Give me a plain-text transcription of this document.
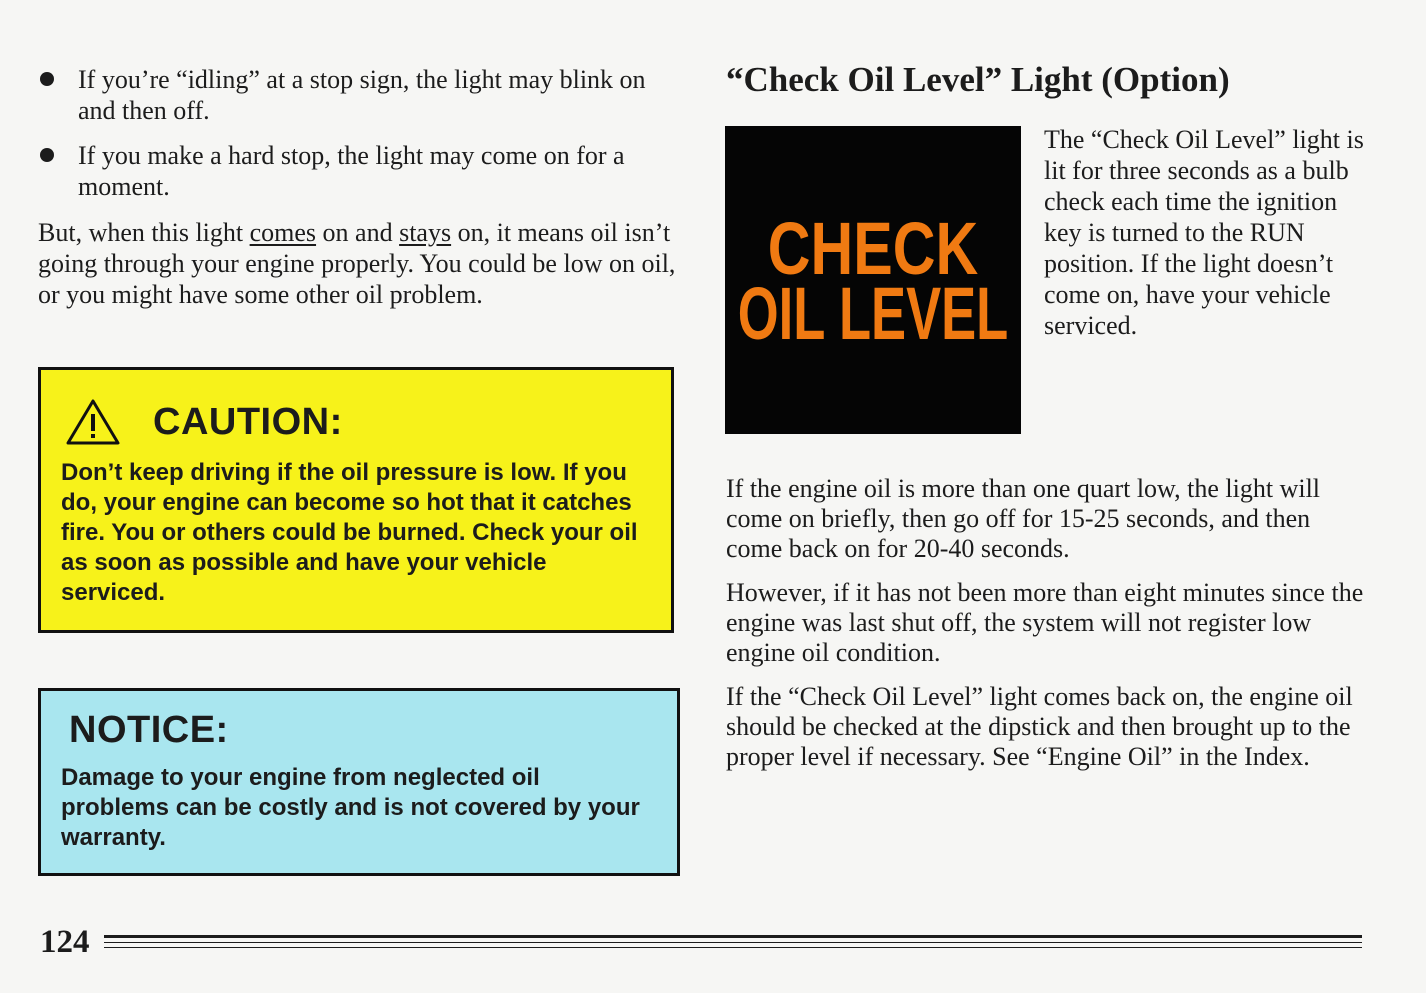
If you’re “idling” at a stop sign, the light may blink on and then off.
If you make a hard stop, the light may come on for a moment.

But, when this light comes on and stays on, it means oil isn’t going through your engine properly. You could be low on oil, or you might have some other oil problem.

CAUTION:

Don’t keep driving if the oil pressure is low. If you do, your engine can become so hot that it catches fire. You or others could be burned. Check your oil as soon as possible and have your vehicle serviced.

NOTICE:

Damage to your engine from neglected oil problems can be costly and is not covered by your warranty.

“Check Oil Level” Light (Option)
CHECK
OIL LEVEL

The “Check Oil Level” light is lit for three seconds as a bulb check each time the ignition key is turned to the RUN position. If the light doesn’t come on, have your vehicle serviced.

If the engine oil is more than one quart low, the light will come on briefly, then go off for 15-25 seconds, and then come back on for 20-40 seconds.

However, if it has not been more than eight minutes since the engine was last shut off, the system will not register low engine oil condition.

If the “Check Oil Level” light comes back on, the engine oil should be checked at the dipstick and then brought up to the proper level if necessary. See “Engine Oil” in the Index.

124
